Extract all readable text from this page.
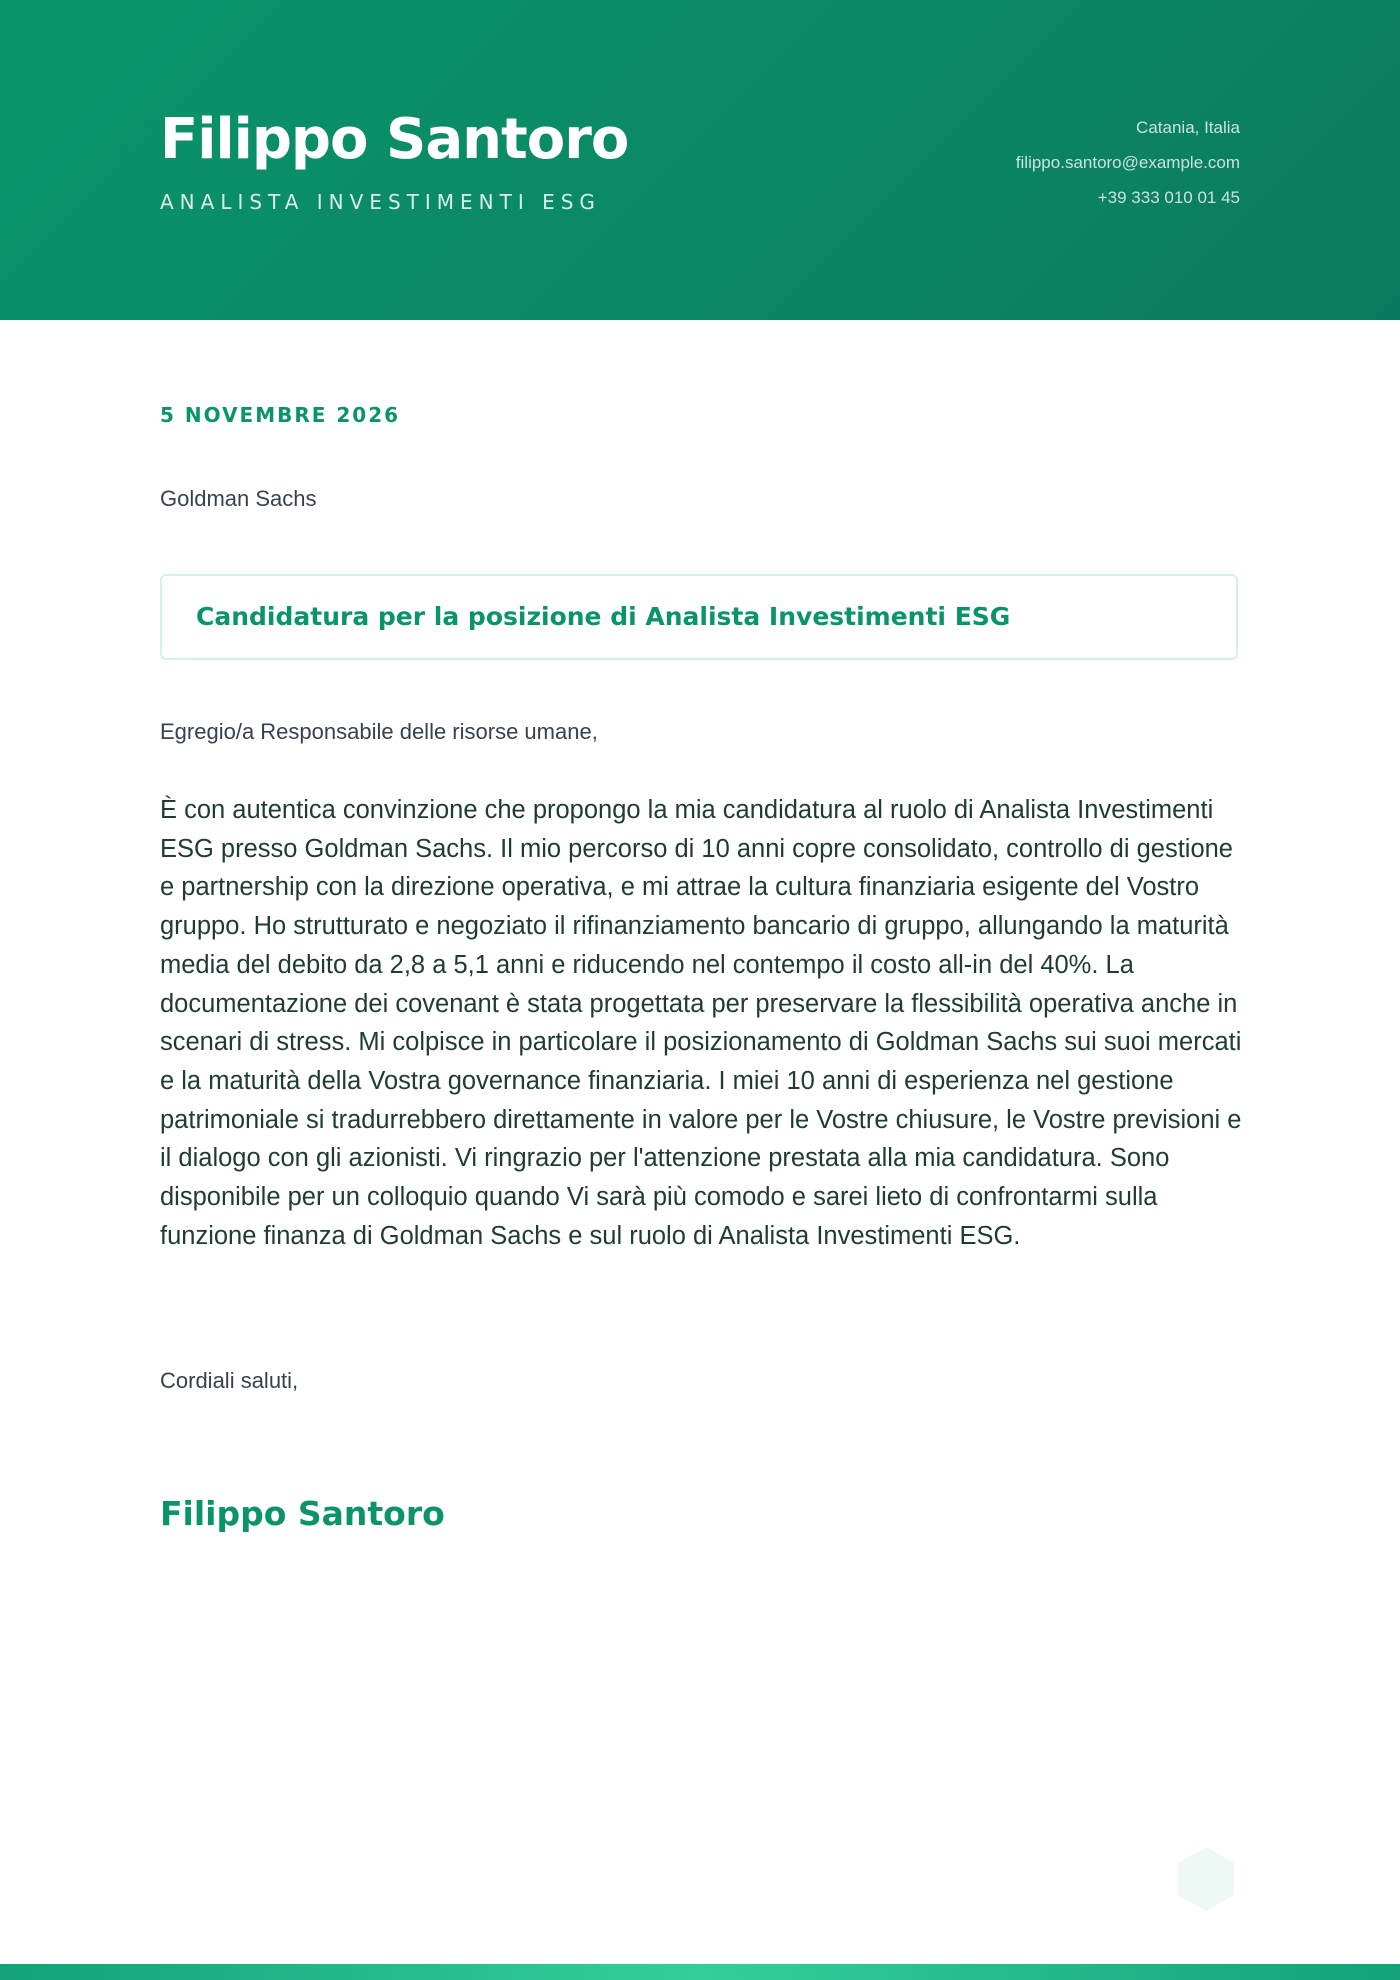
Filippo Santoro
ANALISTA INVESTIMENTI ESG
Catania, Italia
filippo.santoro@example.com
+39 333 010 01 45
5 NOVEMBRE 2026
Goldman Sachs
Candidatura per la posizione di Analista Investimenti ESG
Egregio/a Responsabile delle risorse umane,

È con autentica convinzione che propongo la mia candidatura al ruolo di Analista Investimenti ESG presso Goldman Sachs. Il mio percorso di 10 anni copre consolidato, controllo di gestione e partnership con la direzione operativa, e mi attrae la cultura finanziaria esigente del Vostro gruppo. Ho strutturato e negoziato il rifinanziamento bancario di gruppo, allungando la maturità media del debito da 2,8 a 5,1 anni e riducendo nel contempo il costo all-in del 40%. La documentazione dei covenant è stata progettata per preservare la flessibilità operativa anche in scenari di stress. Mi colpisce in particolare il posizionamento di Goldman Sachs sui suoi mercati e la maturità della Vostra governance finanziaria. I miei 10 anni di esperienza nel gestione patrimoniale si tradurrebbero direttamente in valore per le Vostre chiusure, le Vostre previsioni e il dialogo con gli azionisti. Vi ringrazio per l'attenzione prestata alla mia candidatura. Sono disponibile per un colloquio quando Vi sarà più comodo e sarei lieto di confrontarmi sulla funzione finanza di Goldman Sachs e sul ruolo di Analista Investimenti ESG.

Cordiali saluti,
Filippo Santoro
